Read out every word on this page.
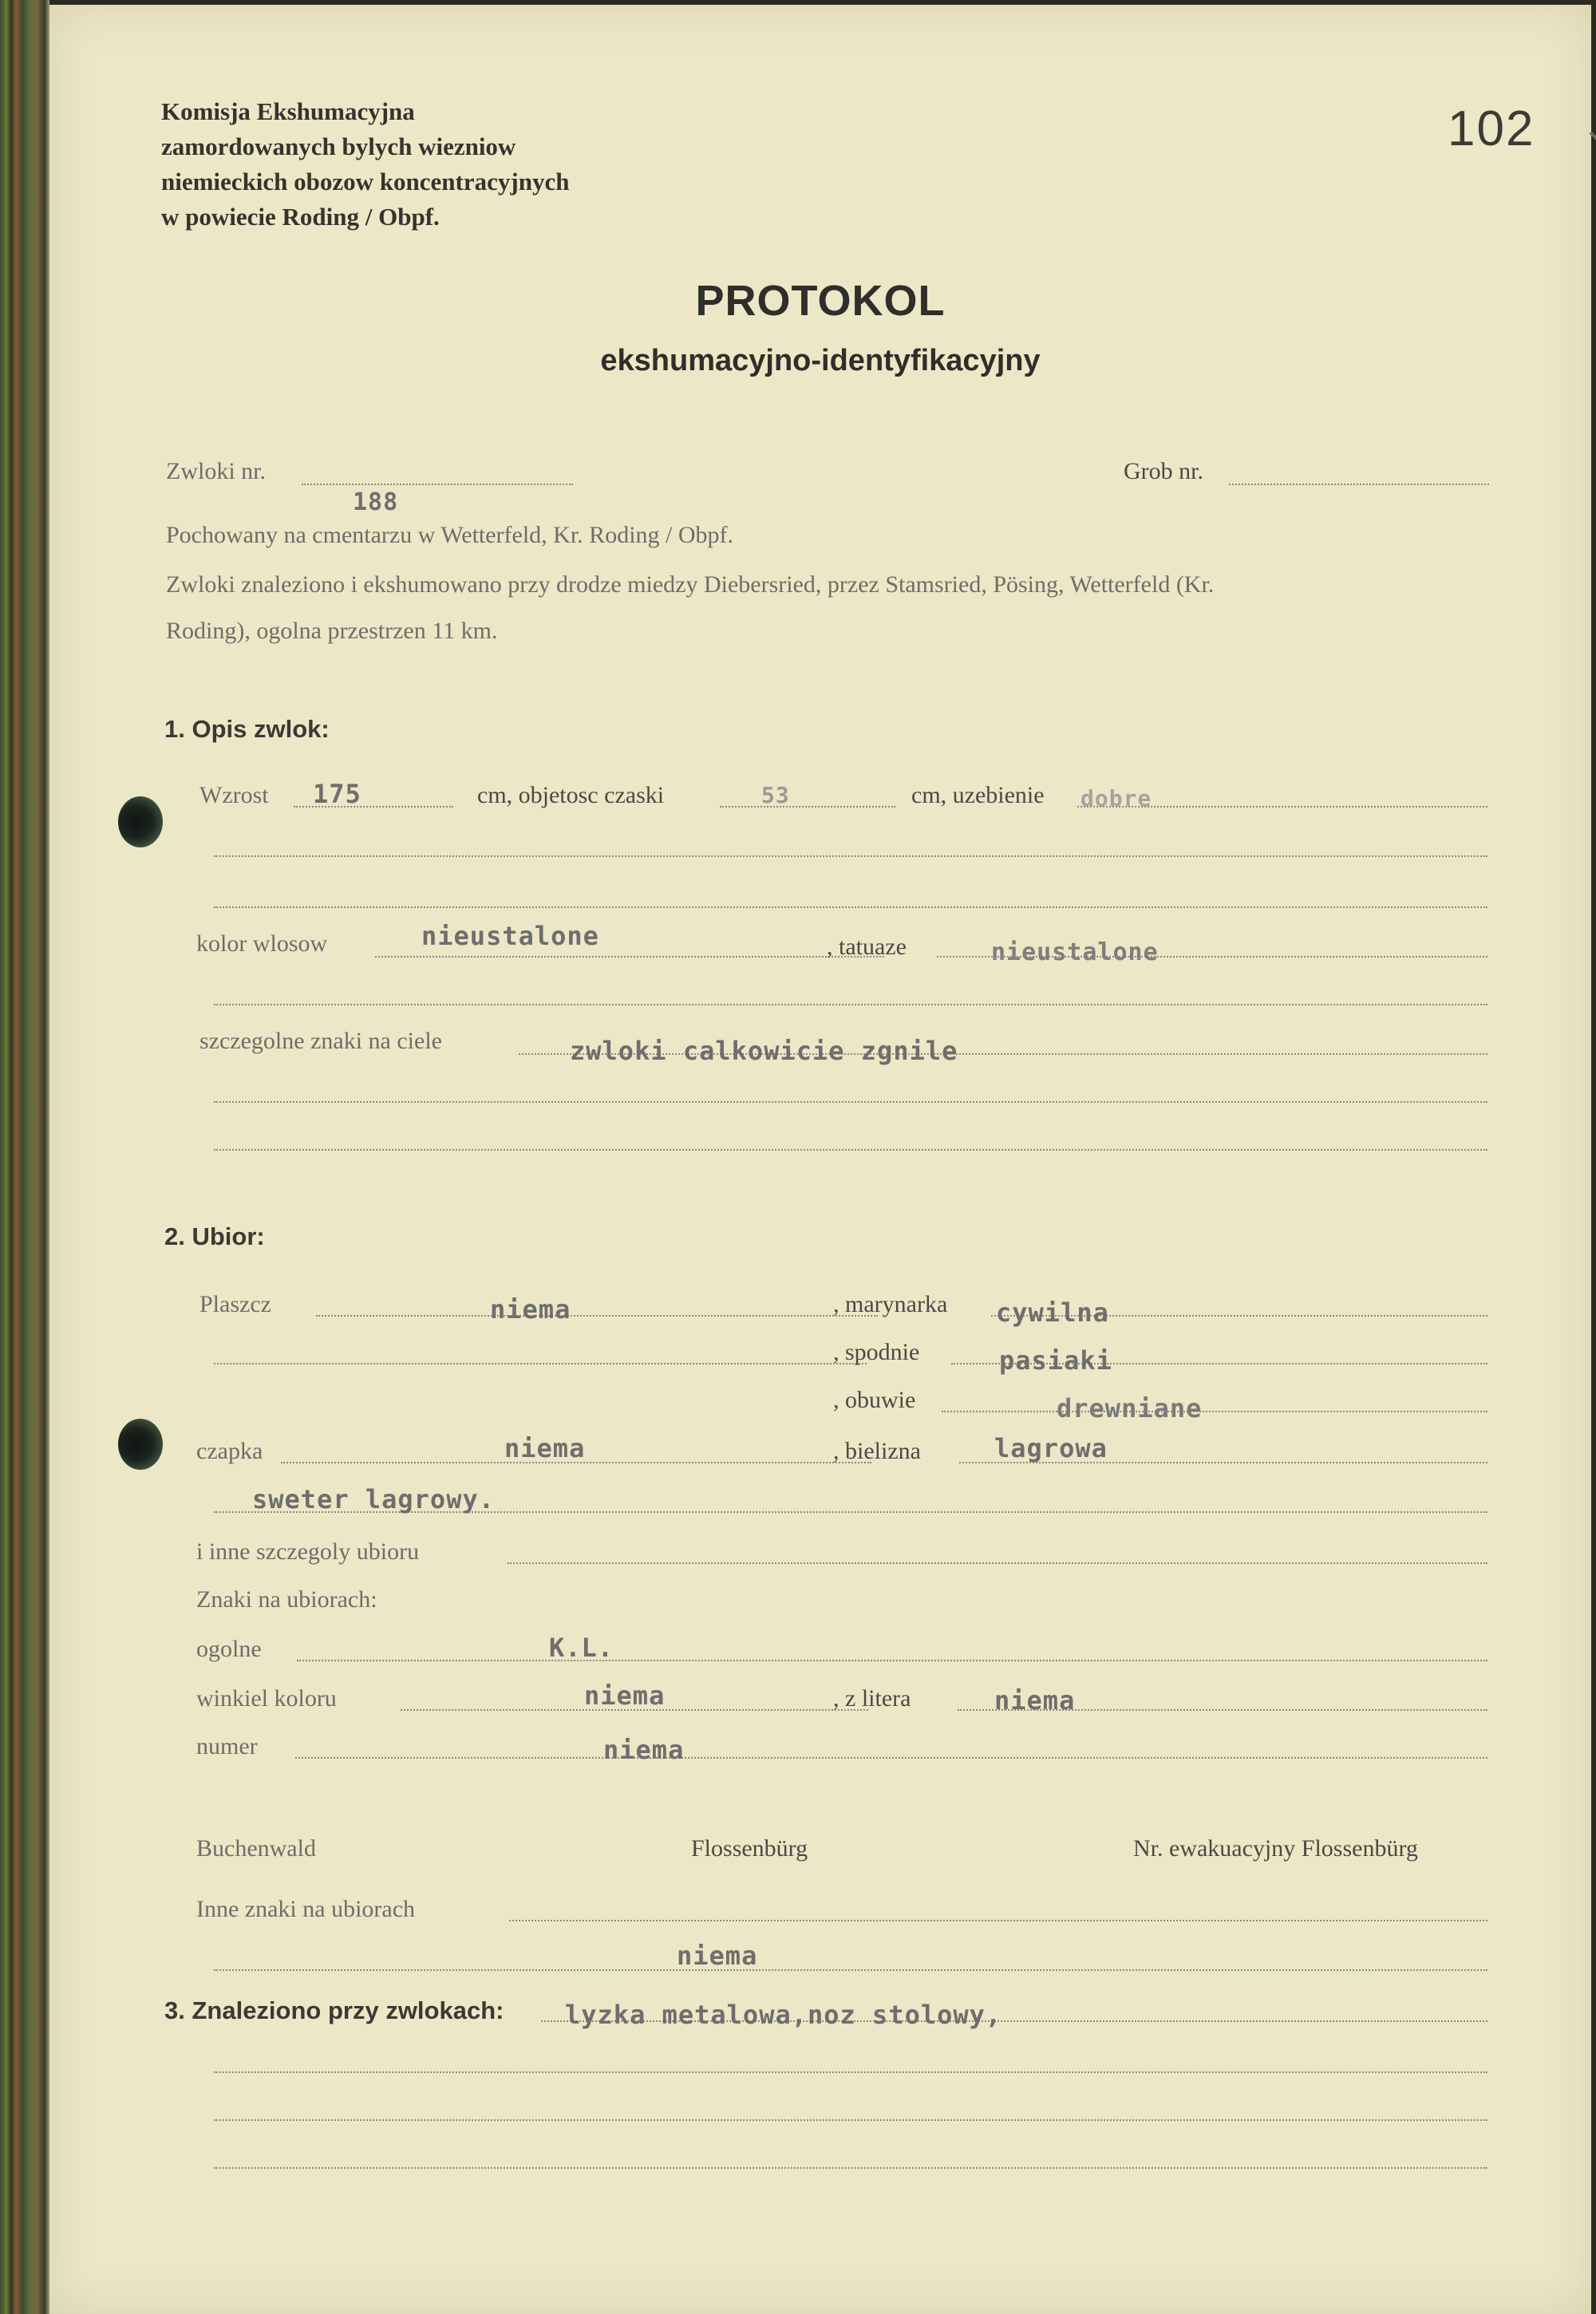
Komisja Ekshumacyjna
zamordowanych bylych wiezniow
niemieckich obozow koncentracyjnych
w powiecie Roding / Obpf.
102
PROTOKOL
ekshumacyjno-identyfikacyjny
Zwloki nr.
188
Grob nr.
Pochowany na cmentarzu w Wetterfeld, Kr. Roding / Obpf.
Zwloki znaleziono i ekshumowano przy drodze miedzy Diebersried, przez Stamsried, Pösing, Wetterfeld (Kr.
Roding), ogolna przestrzen 11 km.
1. Opis zwlok:
Wzrost 175	cm, objetosc czaski	53	cm, uzebienie dobre
kolor wlosow	nieustalone	, tatuaze	nieustalone
szczegolne znaki na ciele	zwloki calkowicie zgnile
2. Ubior:
Plaszcz	niema	, marynarka cywilna
, spodnie	pasiaki
, obuwie	drewniane
czapka	niema	, bielizna	lagrowa
sweter lagrowy.
i inne szczegoly ubioru
Znaki na ubiorach:
ogolne	K.L.
winkiel koloru	niema	, z litera	niema
numer	niema
Buchenwald	Flossenbürg	Nr. ewakuacyjny Flossenbürg
Inne znaki na ubiorach
niema
3. Znaleziono przy zwlokach: lyzka metalowa,noz stolowy,
